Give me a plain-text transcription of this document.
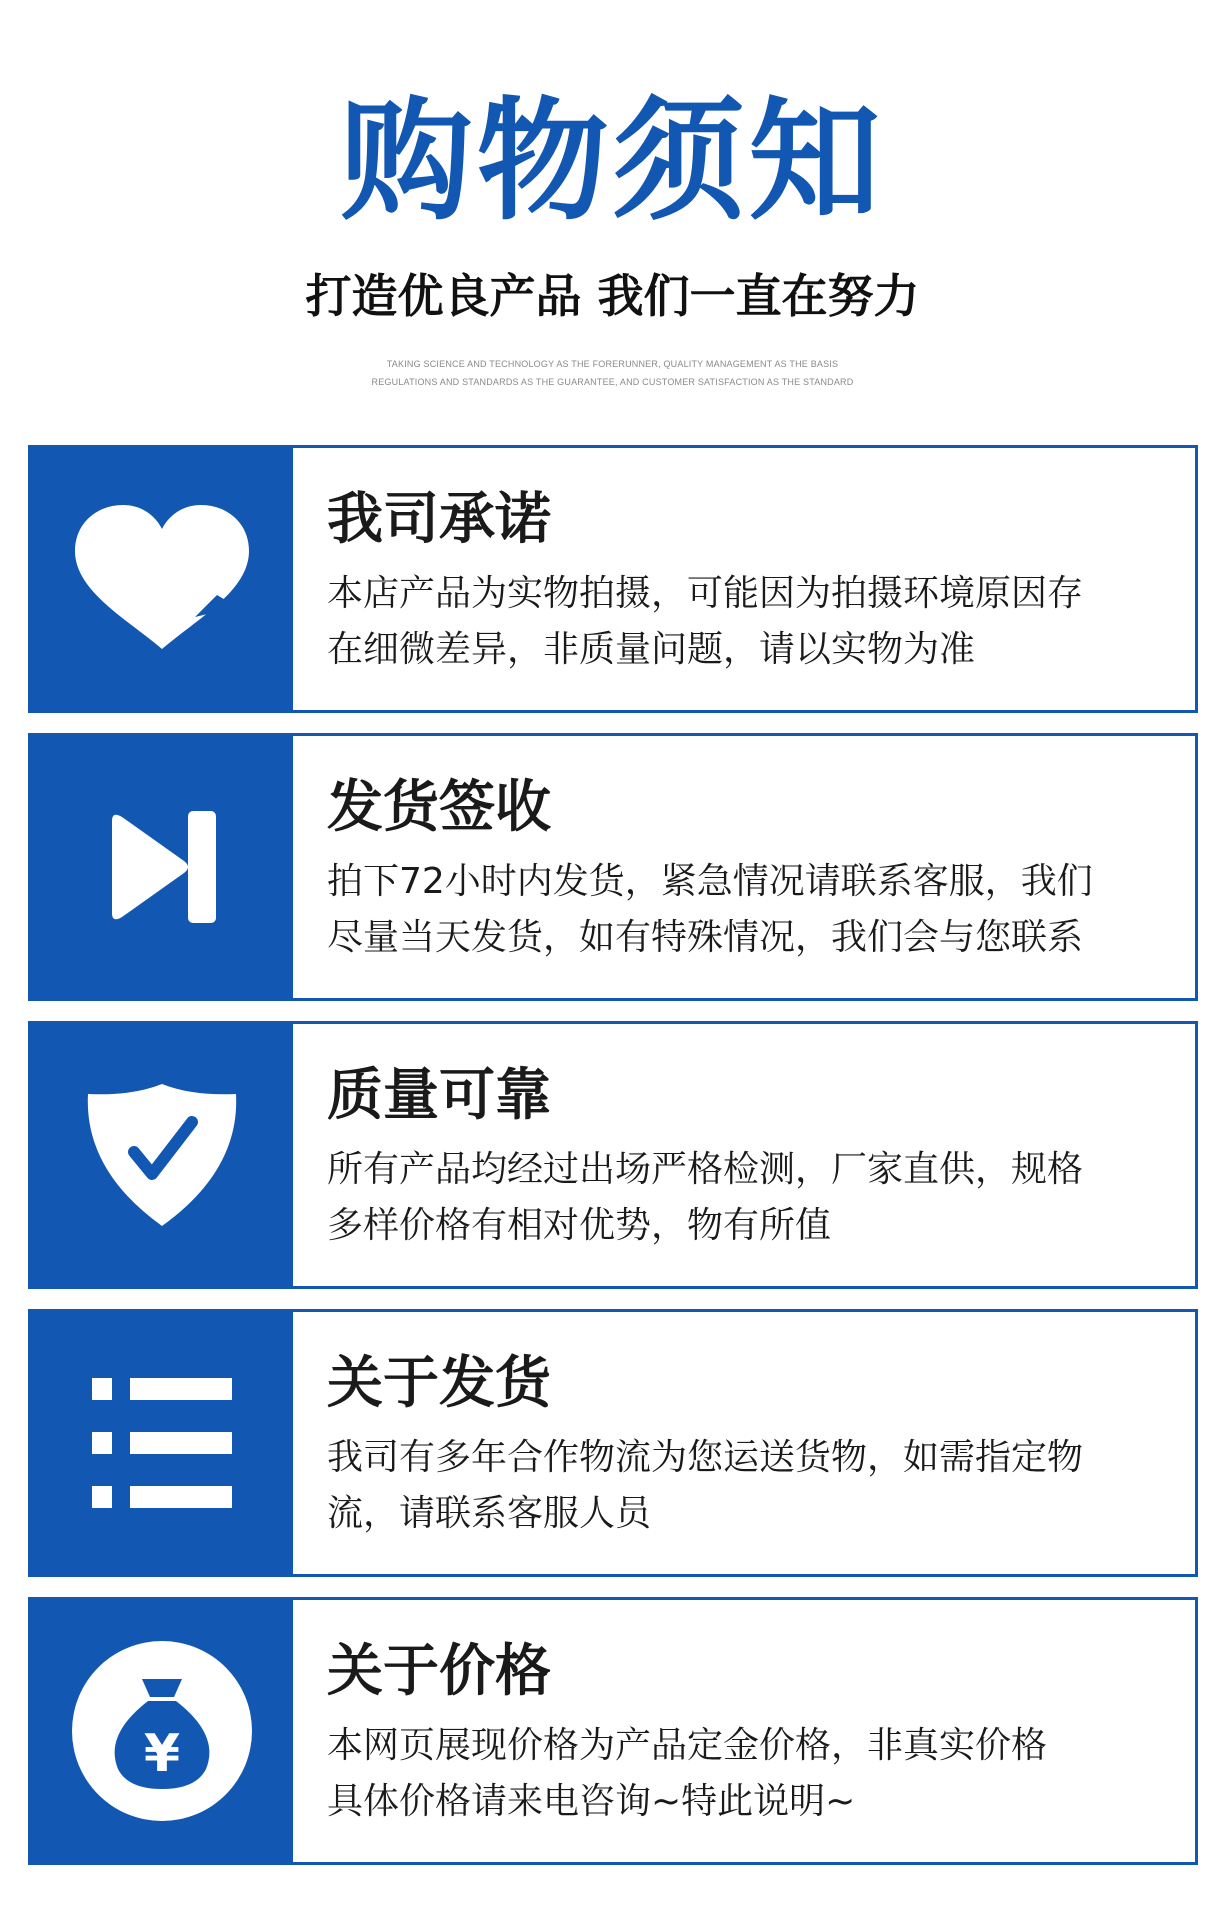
购物须知
打造优良产品 我们一直在努力
TAKING SCIENCE AND TECHNOLOGY AS THE FORERUNNER, QUALITY MANAGEMENT AS THE BASIS
REGULATIONS AND STANDARDS AS THE GUARANTEE, AND CUSTOMER SATISFACTION AS THE STANDARD
我司承诺
本店产品为实物拍摄，可能因为拍摄环境原因存
在细微差异，非质量问题，请以实物为准
发货签收
拍下72小时内发货，紧急情况请联系客服，我们
尽量当天发货，如有特殊情况，我们会与您联系
质量可靠
所有产品均经过出场严格检测，厂家直供，规格
多样价格有相对优势，物有所值
关于发货
我司有多年合作物流为您运送货物，如需指定物
流，请联系客服人员
¥
关于价格
本网页展现价格为产品定金价格，非真实价格
具体价格请来电咨询~特此说明~
